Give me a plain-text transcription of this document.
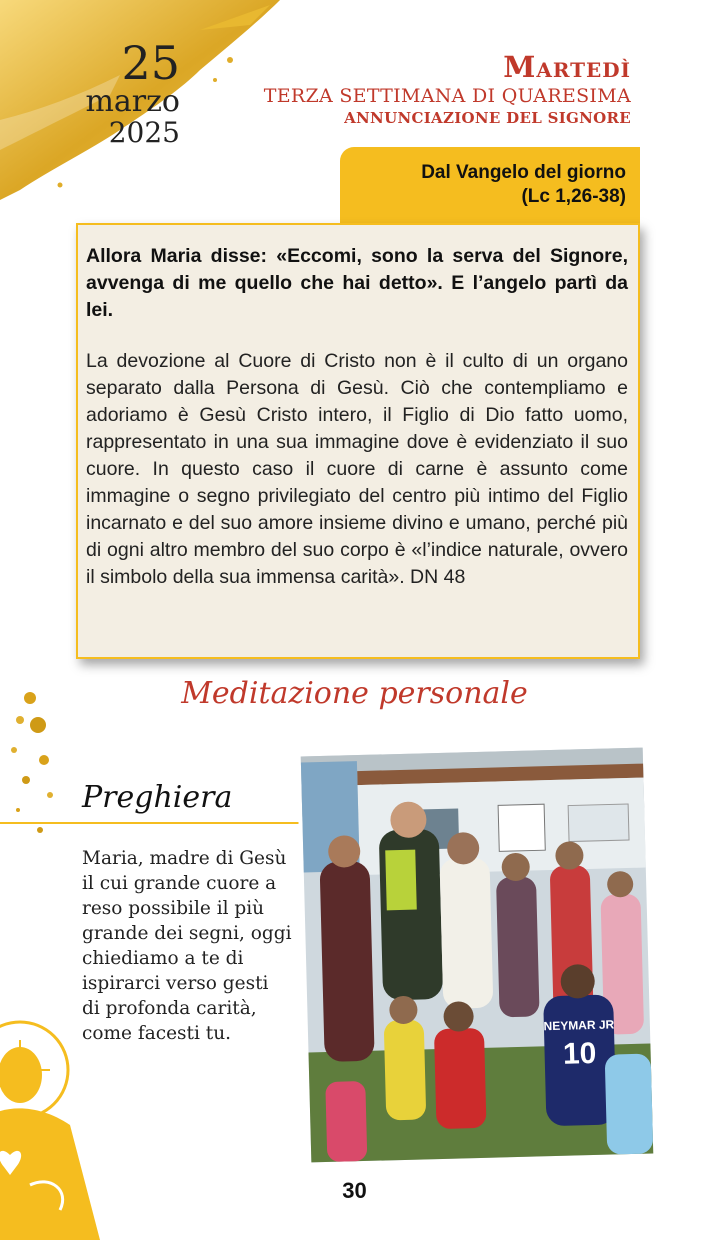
25
marzo
2025
Martedì
TERZA SETTIMANA DI QUARESIMA
ANNUNCIAZIONE DEL SIGNORE
Dal Vangelo del giorno
(Lc 1,26-38)

Allora Maria disse: «Eccomi, sono la serva del Signore, avvenga di me quello che hai detto». E l’angelo partì da lei.

La devozione al Cuore di Cristo non è il culto di un organo separato dalla Persona di Gesù. Ciò che contempliamo e adoriamo è Gesù Cristo intero, il Figlio di Dio fatto uomo, rappresentato in una sua immagine dove è evidenziato il suo cuore. In questo caso il cuore di carne è assunto come immagine o segno privilegiato del centro più intimo del Figlio incarnato e del suo amore insieme divino e umano, perché più di ogni altro membro del suo corpo è «l’indice naturale, ovvero il simbolo della sua immensa carità». DN 48

Meditazione personale
Preghiera
Maria, madre di Gesù il cui grande cuore a reso possibile il più grande dei segni, oggi chiediamo a te di ispirarci verso gesti di profonda carità, come facesti tu.	NEYMAR JR
10
30
